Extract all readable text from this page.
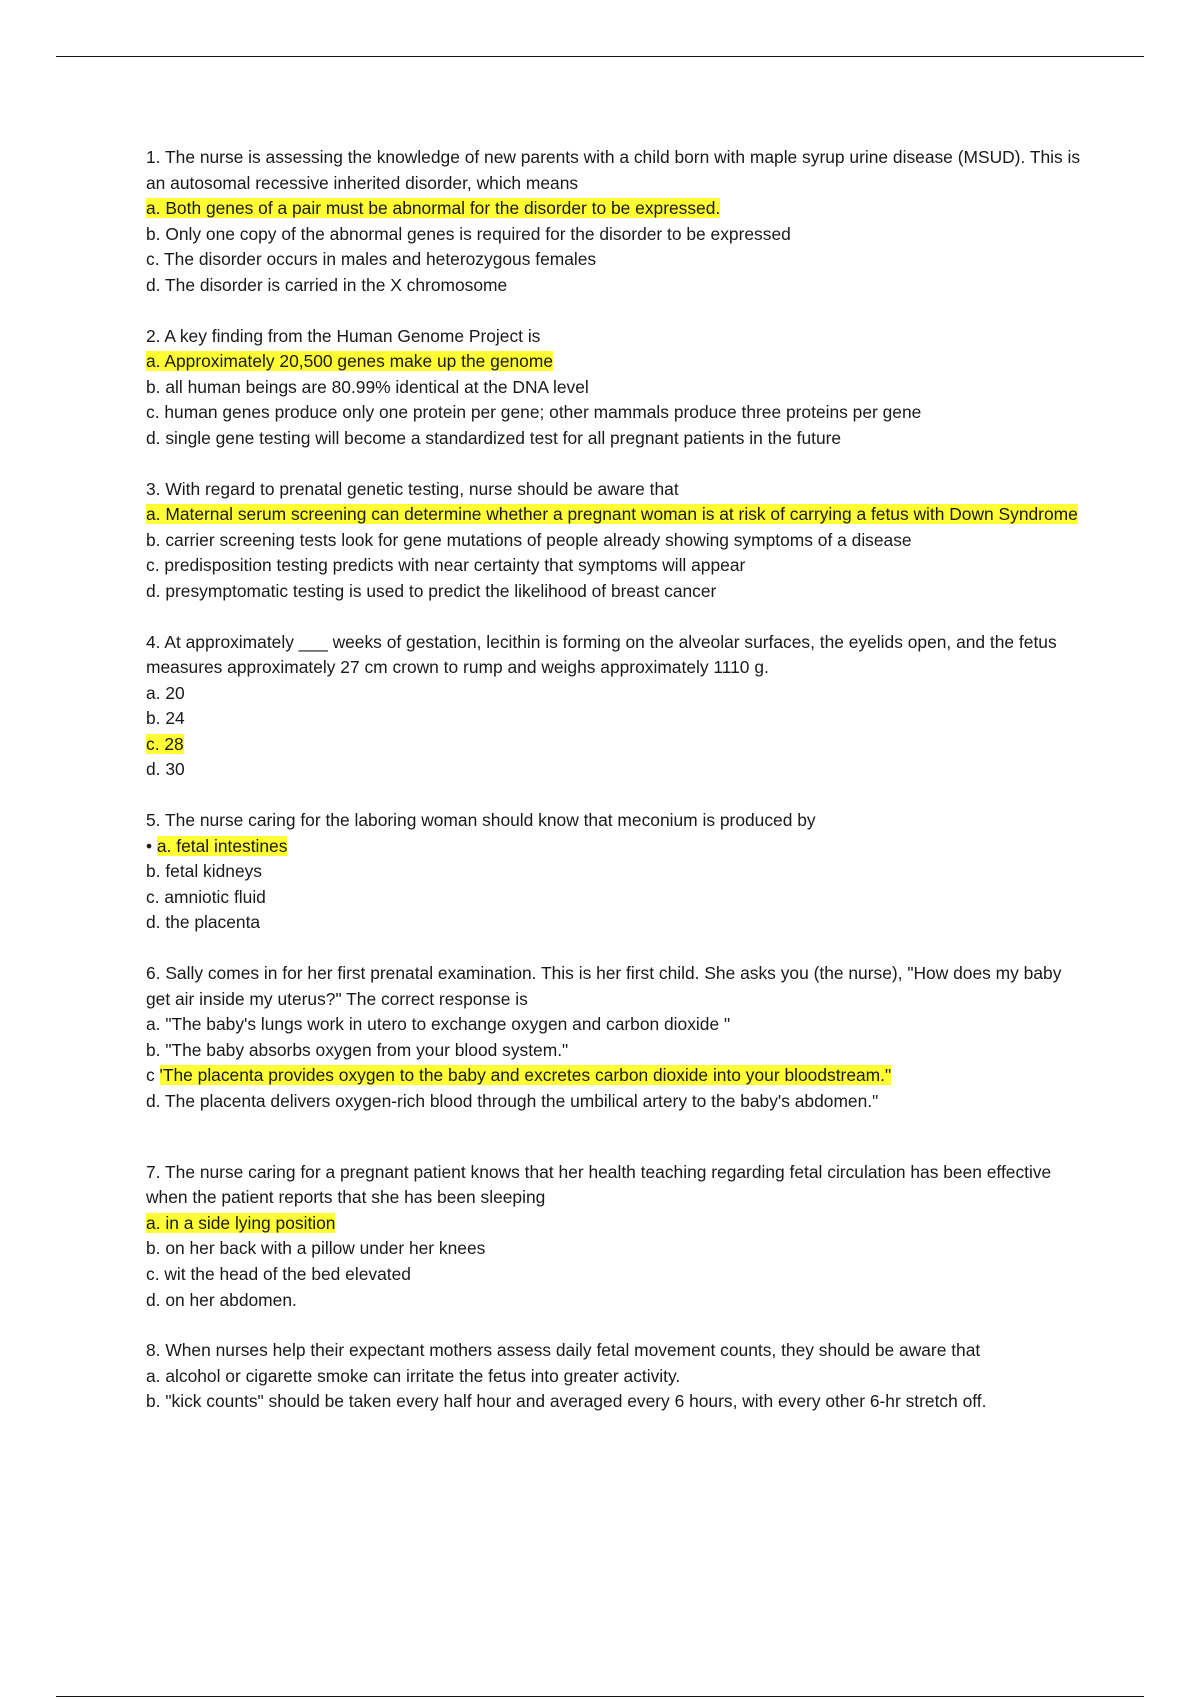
1. The nurse is assessing the knowledge of new parents with a child born with maple syrup urine disease (MSUD). This is an autosomal recessive inherited disorder, which means

a. Both genes of a pair must be abnormal for the disorder to be expressed.

b. Only one copy of the abnormal genes is required for the disorder to be expressed

c. The disorder occurs in males and heterozygous females

d. The disorder is carried in the X chromosome

2. A key finding from the Human Genome Project is

a. Approximately 20,500 genes make up the genome

b. all human beings are 80.99% identical at the DNA level

c. human genes produce only one protein per gene; other mammals produce three proteins per gene

d. single gene testing will become a standardized test for all pregnant patients in the future

3. With regard to prenatal genetic testing, nurse should be aware that

a. Maternal serum screening can determine whether a pregnant woman is at risk of carrying a fetus with Down Syndrome

b. carrier screening tests look for gene mutations of people already showing symptoms of a disease

c. predisposition testing predicts with near certainty that symptoms will appear

d. presymptomatic testing is used to predict the likelihood of breast cancer

4. At approximately ___ weeks of gestation, lecithin is forming on the alveolar surfaces, the eyelids open, and the fetus measures approximately 27 cm crown to rump and weighs approximately 1110 g.

a. 20

b. 24

c. 28

d. 30

5. The nurse caring for the laboring woman should know that meconium is produced by

• a. fetal intestines

b. fetal kidneys

c. amniotic fluid

d. the placenta

6. Sally comes in for her first prenatal examination. This is her first child. She asks you (the nurse), "How does my baby get air inside my uterus?" The correct response is

a. "The baby's lungs work in utero to exchange oxygen and carbon dioxide "

b. "The baby absorbs oxygen from your blood system."

c 'The placenta provides oxygen to the baby and excretes carbon dioxide into your bloodstream."

d. The placenta delivers oxygen-rich blood through the umbilical artery to the baby's abdomen."

7. The nurse caring for a pregnant patient knows that her health teaching regarding fetal circulation has been effective when the patient reports that she has been sleeping

a. in a side lying position

b. on her back with a pillow under her knees

c. wit the head of the bed elevated

d. on her abdomen.

8. When nurses help their expectant mothers assess daily fetal movement counts, they should be aware that

a. alcohol or cigarette smoke can irritate the fetus into greater activity.

b. "kick counts" should be taken every half hour and averaged every 6 hours, with every other 6-hr stretch off.
